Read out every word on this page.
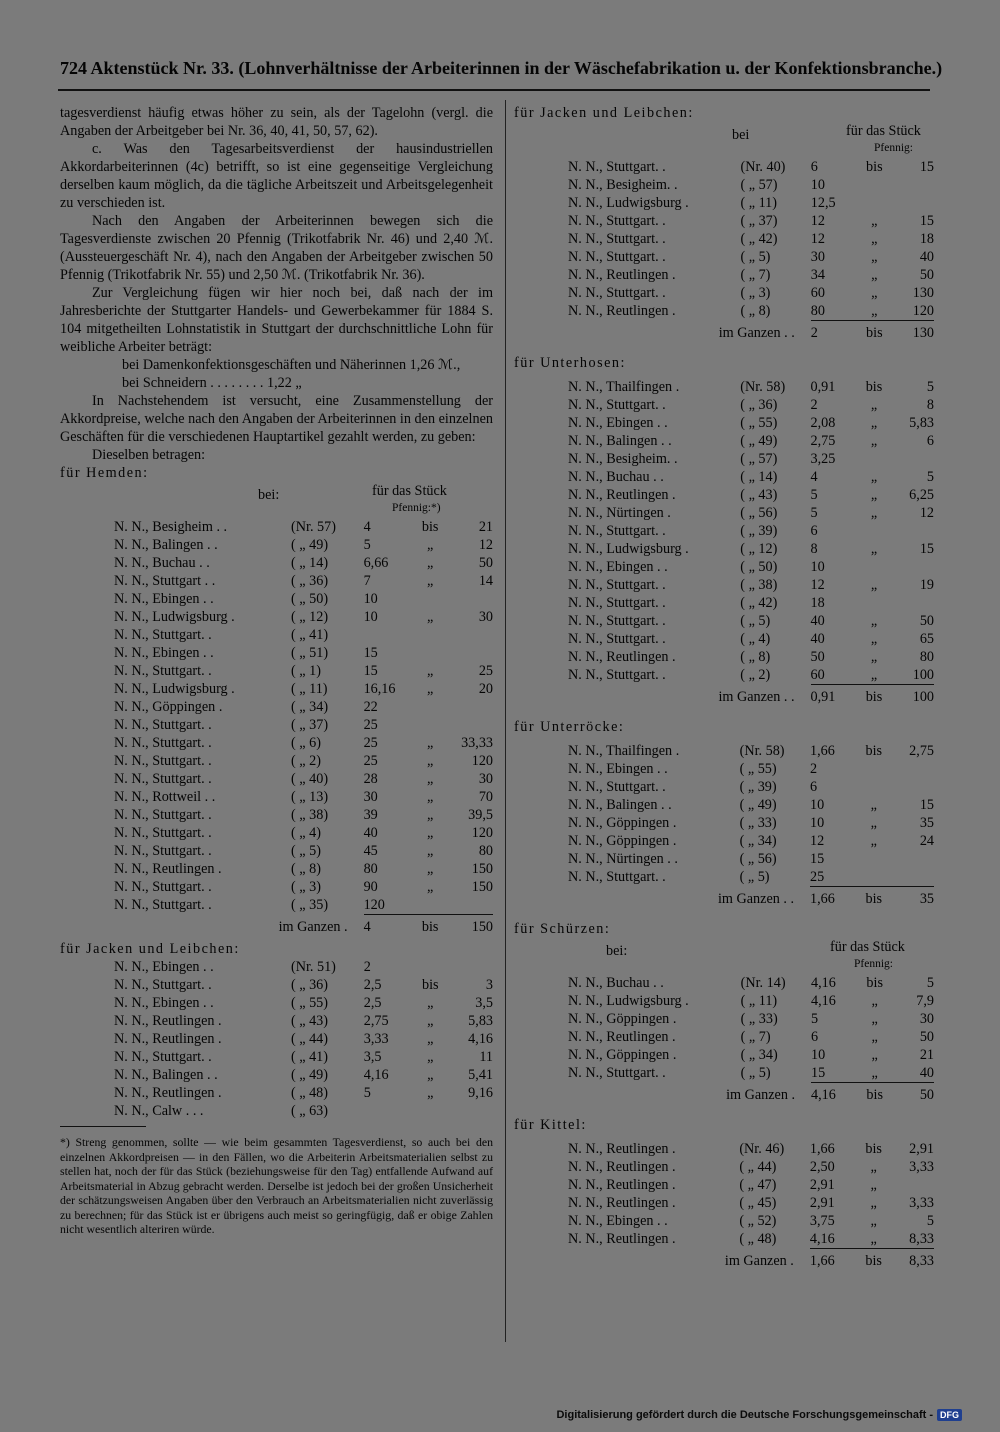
724 Aktenstück Nr. 33. (Lohnverhältnisse der Arbeiterinnen in der Wäschefabrikation u. der Konfektionsbranche.)

tagesverdienst häufig etwas höher zu sein, als der Tagelohn (vergl. die Angaben der Arbeitgeber bei Nr. 36, 40, 41, 50, 57, 62).

c. Was den Tagesarbeitsverdienst der hausindustriellen Akkordarbeiterinnen (4c) betrifft, so ist eine gegenseitige Vergleichung derselben kaum möglich, da die tägliche Arbeitszeit und Arbeitsgelegenheit zu verschieden ist.

Nach den Angaben der Arbeiterinnen bewegen sich die Tagesverdienste zwischen 20 Pfennig (Trikotfabrik Nr. 46) und 2,40 ℳ. (Aussteuergeschäft Nr. 4), nach den Angaben der Arbeitgeber zwischen 50 Pfennig (Trikotfabrik Nr. 55) und 2,50 ℳ. (Trikotfabrik Nr. 36).

Zur Vergleichung fügen wir hier noch bei, daß nach der im Jahresberichte der Stuttgarter Handels- und Gewerbekammer für 1884 S. 104 mitgetheilten Lohnstatistik in Stuttgart der durchschnittliche Lohn für weibliche Arbeiter beträgt:

bei Damenkonfektionsgeschäften und Näherinnen 1,26 ℳ.,

bei Schneidern . . . . . . . . 1,22 „

In Nachstehendem ist versucht, eine Zusammenstellung der Akkordpreise, welche nach den Angaben der Arbeiterinnen in den einzelnen Geschäften für die verschiedenen Hauptartikel gezahlt werden, zu geben:

Dieselben betragen:

für Hemden:

bei:	für das Stück
Pfennig:*)
N. N., Besigheim . .	(Nr. 57)	4	bis	21
N. N., Balingen . .	( „ 49)	5	„	12
N. N., Buchau . .	( „ 14)	6,66	„	50
N. N., Stuttgart . .	( „ 36)	7	„	14
N. N., Ebingen . .	( „ 50)	10		
N. N., Ludwigsburg .	( „ 12)	10	„	30
N. N., Stuttgart. .	( „ 41)			
N. N., Ebingen . .	( „ 51)	15		
N. N., Stuttgart. .	( „ 1)	15	„	25
N. N., Ludwigsburg .	( „ 11)	16,16	„	20
N. N., Göppingen .	( „ 34)	22		
N. N., Stuttgart. .	( „ 37)	25		
N. N., Stuttgart. .	( „ 6)	25	„	33,33
N. N., Stuttgart. .	( „ 2)	25	„	120
N. N., Stuttgart. .	( „ 40)	28	„	30
N. N., Rottweil . .	( „ 13)	30	„	70
N. N., Stuttgart. .	( „ 38)	39	„	39,5
N. N., Stuttgart. .	( „ 4)	40	„	120
N. N., Stuttgart. .	( „ 5)	45	„	80
N. N., Reutlingen .	( „ 8)	80	„	150
N. N., Stuttgart. .	( „ 3)	90	„	150
N. N., Stuttgart. .	( „ 35)	120		
im Ganzen .		4	bis	150

für Jacken und Leibchen:

N. N., Ebingen . .	(Nr. 51)	2		
N. N., Stuttgart. .	( „ 36)	2,5	bis	3
N. N., Ebingen . .	( „ 55)	2,5	„	3,5
N. N., Reutlingen .	( „ 43)	2,75	„	5,83
N. N., Reutlingen .	( „ 44)	3,33	„	4,16
N. N., Stuttgart. .	( „ 41)	3,5	„	11
N. N., Balingen . .	( „ 49)	4,16	„	5,41
N. N., Reutlingen .	( „ 48)	5	„	9,16
N. N., Calw . . .	( „ 63)			

*) Streng genommen, sollte — wie beim gesammten Tagesverdienst, so auch bei den einzelnen Akkordpreisen — in den Fällen, wo die Arbeiterin Arbeitsmaterialien selbst zu stellen hat, noch der für das Stück (beziehungsweise für den Tag) entfallende Aufwand auf Arbeitsmaterial in Abzug gebracht werden. Derselbe ist jedoch bei der großen Unsicherheit der schätzungsweisen Angaben über den Verbrauch an Arbeitsmaterialien nicht zuverlässig zu berechnen; für das Stück ist er übrigens auch meist so geringfügig, daß er obige Zahlen nicht wesentlich alteriren würde.

für Jacken und Leibchen:

bei	für das Stück
Pfennig:
N. N., Stuttgart. .	(Nr. 40)	6	bis	15
N. N., Besigheim. .	( „ 57)	10		
N. N., Ludwigsburg .	( „ 11)	12,5		
N. N., Stuttgart. .	( „ 37)	12	„	15
N. N., Stuttgart. .	( „ 42)	12	„	18
N. N., Stuttgart. .	( „ 5)	30	„	40
N. N., Reutlingen .	( „ 7)	34	„	50
N. N., Stuttgart. .	( „ 3)	60	„	130
N. N., Reutlingen .	( „ 8)	80	„	120
im Ganzen . .		2	bis	130

für Unterhosen:

N. N., Thailfingen .	(Nr. 58)	0,91	bis	5
N. N., Stuttgart. .	( „ 36)	2	„	8
N. N., Ebingen . .	( „ 55)	2,08	„	5,83
N. N., Balingen . .	( „ 49)	2,75	„	6
N. N., Besigheim. .	( „ 57)	3,25		
N. N., Buchau . .	( „ 14)	4	„	5
N. N., Reutlingen .	( „ 43)	5	„	6,25
N. N., Nürtingen .	( „ 56)	5	„	12
N. N., Stuttgart. .	( „ 39)	6		
N. N., Ludwigsburg .	( „ 12)	8	„	15
N. N., Ebingen . .	( „ 50)	10		
N. N., Stuttgart. .	( „ 38)	12	„	19
N. N., Stuttgart. .	( „ 42)	18		
N. N., Stuttgart. .	( „ 5)	40	„	50
N. N., Stuttgart. .	( „ 4)	40	„	65
N. N., Reutlingen .	( „ 8)	50	„	80
N. N., Stuttgart. .	( „ 2)	60	„	100
im Ganzen . .		0,91	bis	100

für Unterröcke:

N. N., Thailfingen .	(Nr. 58)	1,66	bis	2,75
N. N., Ebingen . .	( „ 55)	2		
N. N., Stuttgart. .	( „ 39)	6		
N. N., Balingen . .	( „ 49)	10	„	15
N. N., Göppingen .	( „ 33)	10	„	35
N. N., Göppingen .	( „ 34)	12	„	24
N. N., Nürtingen . .	( „ 56)	15		
N. N., Stuttgart. .	( „ 5)	25		
im Ganzen . .		1,66	bis	35

für Schürzen:

bei:	für das Stück
Pfennig:
N. N., Buchau . .	(Nr. 14)	4,16	bis	5
N. N., Ludwigsburg .	( „ 11)	4,16	„	7,9
N. N., Göppingen .	( „ 33)	5	„	30
N. N., Reutlingen .	( „ 7)	6	„	50
N. N., Göppingen .	( „ 34)	10	„	21
N. N., Stuttgart. .	( „ 5)	15	„	40
im Ganzen .		4,16	bis	50

für Kittel:

N. N., Reutlingen .	(Nr. 46)	1,66	bis	2,91
N. N., Reutlingen .	( „ 44)	2,50	„	3,33
N. N., Reutlingen .	( „ 47)	2,91	„	
N. N., Reutlingen .	( „ 45)	2,91	„	3,33
N. N., Ebingen . .	( „ 52)	3,75	„	5
N. N., Reutlingen .	( „ 48)	4,16	„	8,33
im Ganzen .		1,66	bis	8,33
Digitalisierung gefördert durch die Deutsche Forschungsgemeinschaft - DFG
